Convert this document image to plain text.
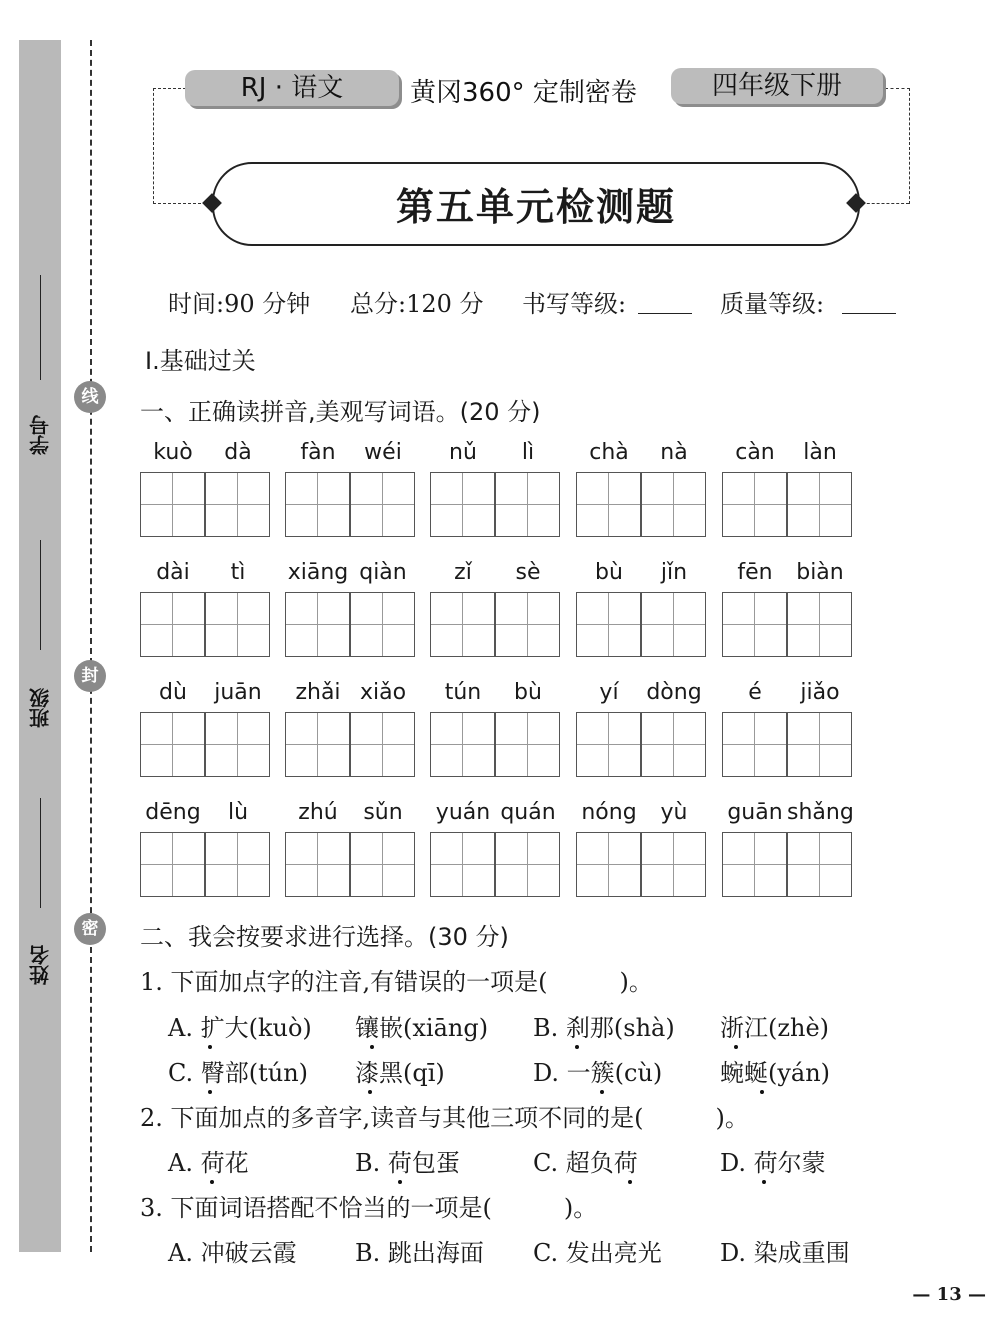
学号
班级
姓名
线
封
密
RJ · 语文	黄冈360° 定制密卷	四年级下册
第五单元检测题
时间:90 分钟 总分:120 分 书写等级:	质量等级:
Ⅰ.基础过关
一、正确读拼音,美观写词语。(20 分)
kuò	dà	fàn	wéi	nǔ	lì	chà	nà	càn	làn
dài	tì	xiāng qiàn	zǐ	sè	bù	jǐn	fēn	biàn
dù	juān	zhǎi xiǎo	tún	bù	yí	dòng	é	jiǎo
dēng	lù	zhú	sǔn	yuán quán nóng	yù	guān shǎng
二、我会按要求进行选择。(30 分)
1. 下面加点字的注音,有错误的一项是(　　　)。
A. 扩大(kuò) 镶嵌(xiāng) B. 刹那(shà) 浙江(zhè)
C. 臀部(tún) 漆黑(qī)	D. 一簇(cù) 蜿蜒(yán)
2. 下面加点的多音字,读音与其他三项不同的是(　　　)。
A. 荷花	B. 荷包蛋	C. 超负荷	D. 荷尔蒙
3. 下面词语搭配不恰当的一项是(　　　)。
A. 冲破云霞 B. 跳出海面 C. 发出亮光 D. 染成重围
— 13 —
